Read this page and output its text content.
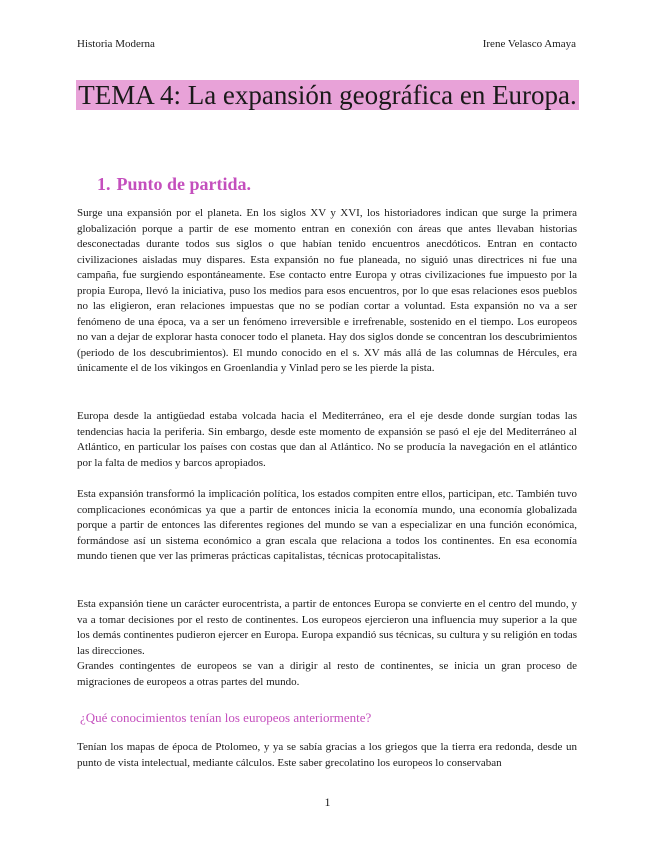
Historia Moderna	Irene Velasco Amaya
TEMA 4: La expansión geográfica en Europa.
1. Punto de partida.

Surge una expansión por el planeta. En los siglos XV y XVI, los historiadores indican que surge la primera globalización porque a partir de ese momento entran en conexión con áreas que antes llevaban historias desconectadas durante todos sus siglos o que habían tenido encuentros anecdóticos. Entran en contacto civilizaciones aisladas muy dispares. Esta expansión no fue planeada, no siguió unas directrices ni fue una campaña, fue surgiendo espontáneamente. Ese contacto entre Europa y otras civilizaciones fue impuesto por la propia Europa, llevó la iniciativa, puso los medios para esos encuentros, por lo que esas relaciones esos pueblos no las eligieron, eran relaciones impuestas que no se podían cortar a voluntad. Esta expansión no va a ser fenómeno de una época, va a ser un fenómeno irreversible e irrefrenable, sostenido en el tiempo. Los europeos no van a dejar de explorar hasta conocer todo el planeta. Hay dos siglos donde se concentran los descubrimientos (periodo de los descubrimientos). El mundo conocido en el s. XV más allá de las columnas de Hércules, era únicamente el de los vikingos en Groenlandia y Vinlad pero se les pierde la pista.

Europa desde la antigüedad estaba volcada hacia el Mediterráneo, era el eje desde donde surgían todas las tendencias hacia la periferia. Sin embargo, desde este momento de expansión se pasó el eje del Mediterráneo al Atlántico, en particular los países con costas que dan al Atlántico. No se producía la navegación en el atlántico por la falta de medios y barcos apropiados.

Esta expansión transformó la implicación política, los estados compiten entre ellos, participan, etc. También tuvo complicaciones económicas ya que a partir de entonces inicia la economía mundo, una economía globalizada porque a partir de entonces las diferentes regiones del mundo se van a especializar en una función económica, formándose así un sistema económico a gran escala que relaciona a todos los continentes. En esa economía mundo tienen que ver las primeras prácticas capitalistas, técnicas protocapitalistas.

Esta expansión tiene un carácter eurocentrista, a partir de entonces Europa se convierte en el centro del mundo, y va a tomar decisiones por el resto de continentes. Los europeos ejercieron una influencia muy superior a la que los demás continentes pudieron ejercer en Europa. Europa expandió sus técnicas, su cultura y su religión en todas las direcciones.

Grandes contingentes de europeos se van a dirigir al resto de continentes, se inicia un gran proceso de migraciones de europeos a otras partes del mundo.

¿Qué conocimientos tenían los europeos anteriormente?

Tenían los mapas de época de Ptolomeo, y ya se sabía gracias a los griegos que la tierra era redonda, desde un punto de vista intelectual, mediante cálculos. Este saber grecolatino los europeos lo conservaban

1
